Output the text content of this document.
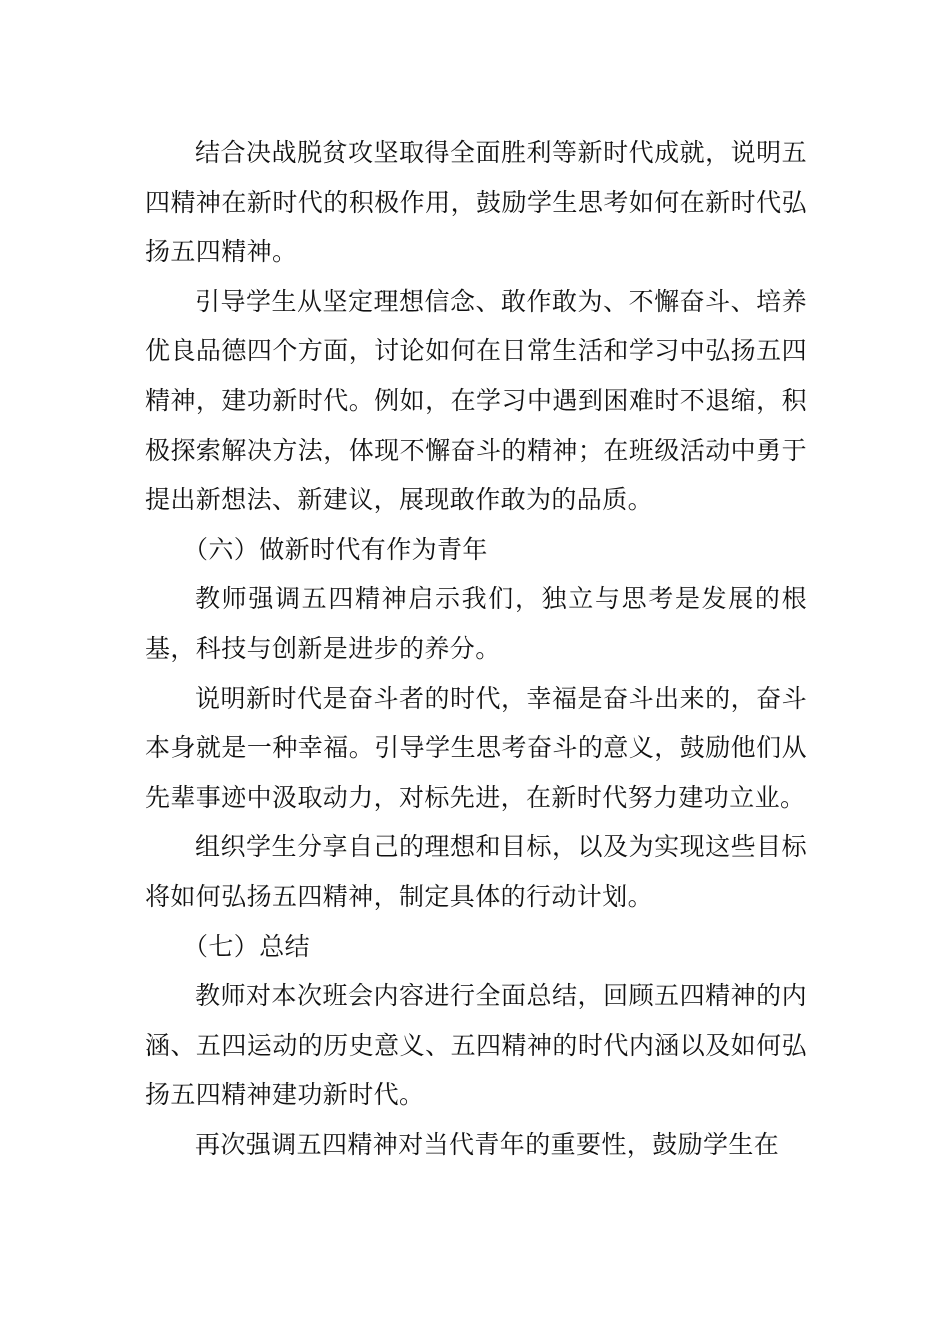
结合决战脱贫攻坚取得全面胜利等新时代成就，说明五四精神在新时代的积极作用，鼓励学生思考如何在新时代弘扬五四精神。

引导学生从坚定理想信念、敢作敢为、不懈奋斗、培养优良品德四个方面，讨论如何在日常生活和学习中弘扬五四精神，建功新时代。例如，在学习中遇到困难时不退缩，积极探索解决方法，体现不懈奋斗的精神；在班级活动中勇于提出新想法、新建议，展现敢作敢为的品质。

（六）做新时代有作为青年

教师强调五四精神启示我们，独立与思考是发展的根基，科技与创新是进步的养分。

说明新时代是奋斗者的时代，幸福是奋斗出来的，奋斗本身就是一种幸福。引导学生思考奋斗的意义，鼓励他们从先辈事迹中汲取动力，对标先进，在新时代努力建功立业。

组织学生分享自己的理想和目标，以及为实现这些目标将如何弘扬五四精神，制定具体的行动计划。

（七）总结

教师对本次班会内容进行全面总结，回顾五四精神的内涵、五四运动的历史意义、五四精神的时代内涵以及如何弘扬五四精神建功新时代。

再次强调五四精神对当代青年的重要性，鼓励学生在
